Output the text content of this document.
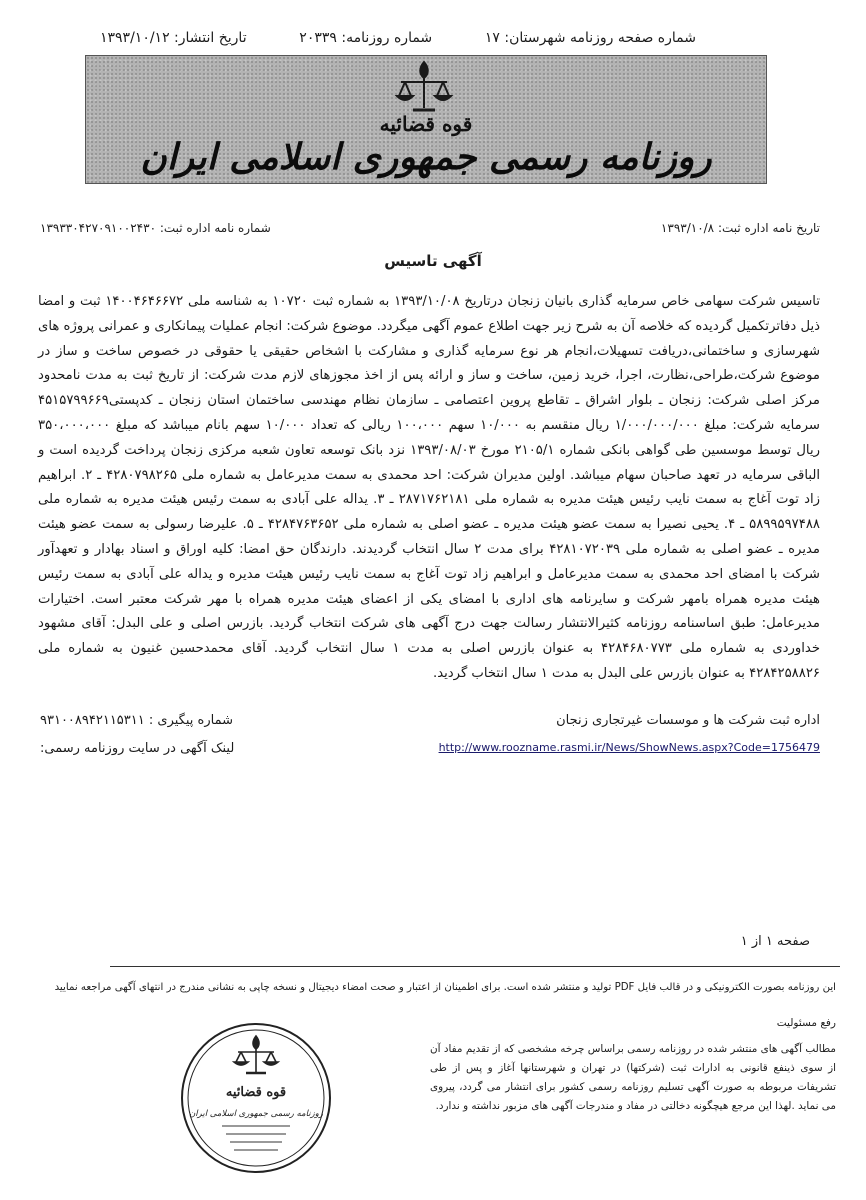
تاریخ انتشار: ۱۳۹۳/۱۰/۱۲	شماره روزنامه: ۲۰۳۳۹	شماره صفحه روزنامه شهرستان: ۱۷
قوه قضائیه
روزنامه رسمی جمهوری اسلامی ایران
شماره نامه اداره ثبت: ۱۳۹۳۳۰۴۲۷۰۹۱۰۰۲۴۳۰	تاریخ نامه اداره ثبت: ۱۳۹۳/۱۰/۸
آگهی تاسیس
تاسیس شرکت سهامی خاص سرمایه گذاری بانیان زنجان درتاریخ ۱۳۹۳/۱۰/۰۸ به شماره ثبت ۱۰۷۲۰ به شناسه ملی ۱۴۰۰۴۶۴۶۶۷۲ ثبت و امضا ذیل دفاترتکمیل گردیده که خلاصه آن به شرح زیر جهت اطلاع عموم آگهی میگردد. موضوع شرکت: انجام عملیات پیمانکاری و عمرانی پروژه های شهرسازی و ساختمانی،دریافت تسهیلات،انجام هر نوع سرمایه گذاری و مشارکت با اشخاص حقیقی یا حقوقی در خصوص ساخت و ساز در موضوع شرکت،طراحی،نظارت، اجرا، خرید زمین، ساخت و ساز و ارائه پس از اخذ مجوزهای لازم مدت شرکت: از تاریخ ثبت به مدت نامحدود مرکز اصلی شرکت: زنجان ـ بلوار اشراق ـ تقاطع پروین اعتصامی ـ سازمان نظام مهندسی ساختمان استان زنجان ـ کدپستی۴۵۱۵۷۹۹۶۶۹ سرمایه شرکت: مبلغ ۱/۰۰۰/۰۰۰/۰۰۰ ریال منقسم به ۱۰/۰۰۰ سهم ۱۰۰،۰۰۰ ریالی که تعداد ۱۰/۰۰۰ سهم بانام میباشد که مبلغ ۳۵۰،۰۰۰،۰۰۰ ریال توسط موسسین طی گواهی بانکی شماره ۲۱۰۵/۱ مورخ ۱۳۹۳/۰۸/۰۳ نزد بانک توسعه تعاون شعبه مرکزی زنجان پرداخت گردیده است و الباقی سرمایه در تعهد صاحبان سهام میباشد. اولین مدیران شرکت: احد محمدی به سمت مدیرعامل به شماره ملی ۴۲۸۰۷۹۸۲۶۵ ـ ۲. ابراهیم زاد توت آغاج به سمت نایب رئیس هیئت مدیره به شماره ملی ۲۸۷۱۷۶۲۱۸۱ ـ ۳. یداله علی آبادی به سمت رئیس هیئت مدیره به شماره ملی ۵۸۹۹۵۹۷۴۸۸ ـ ۴. یحیی نصیرا به سمت عضو هیئت مدیره ـ عضو اصلی به شماره ملی ۴۲۸۴۷۶۳۶۵۲ ـ ۵. علیرضا رسولی به سمت عضو هیئت مدیره ـ عضو اصلی به شماره ملی ۴۲۸۱۰۷۲۰۳۹ برای مدت ۲ سال انتخاب گردیدند. دارندگان حق امضا: کلیه اوراق و اسناد بهادار و تعهدآور شرکت با امضای احد محمدی به سمت مدیرعامل و ابراهیم زاد توت آغاج به سمت نایب رئیس هیئت مدیره و یداله علی آبادی به سمت رئیس هیئت مدیره همراه بامهر شرکت و سایرنامه های اداری با امضای یکی از اعضای هیئت مدیره همراه با مهر شرکت معتبر است. اختیارات مدیرعامل: طبق اساسنامه روزنامه کثیرالانتشار رسالت جهت درج آگهی های شرکت انتخاب گردید. بازرس اصلی و علی البدل: آقای مشهود خداوردی به شماره ملی ۴۲۸۴۶۸۰۷۷۳ به عنوان بازرس اصلی به مدت ۱ سال انتخاب گردید. آقای محمدحسین غنیون به شماره ملی ۴۲۸۴۲۵۸۸۲۶ به عنوان بازرس علی البدل به مدت ۱ سال انتخاب گردید.
شماره پیگیری : ۹۳۱۰۰۸۹۴۲۱۱۵۳۱۱	اداره ثبت شرکت ها و موسسات غیرتجاری زنجان
لینک آگهی در سایت روزنامه رسمی:	http://www.roozname.rasmi.ir/News/ShowNews.aspx?Code=1756479
صفحه ۱ از ۱
این روزنامه بصورت الکترونیکی و در قالب فایل PDF تولید و منتشر شده است. برای اطمینان از اعتبار و صحت امضاء دیجیتال و نسخه چاپی به نشانی مندرج در انتهای آگهی مراجعه نمایید
رفع مسئولیت
مطالب آگهی های منتشر شده در روزنامه رسمی براساس چرخه مشخصی که از تقدیم مفاد آن از سوی ذینفع قانونی به ادارات ثبت (شرکتها) در تهران و شهرستانها آغاز و پس از طی تشریفات مربوطه به صورت آگهی تسلیم روزنامه رسمی کشور برای انتشار می گردد، پیروی می نماید .لهذا این مرجع هیچگونه دخالتی در مفاد و مندرجات آگهی های مزبور نداشته و ندارد.
قوه قضائیه
روزنامه رسمی جمهوری اسلامی ایران
